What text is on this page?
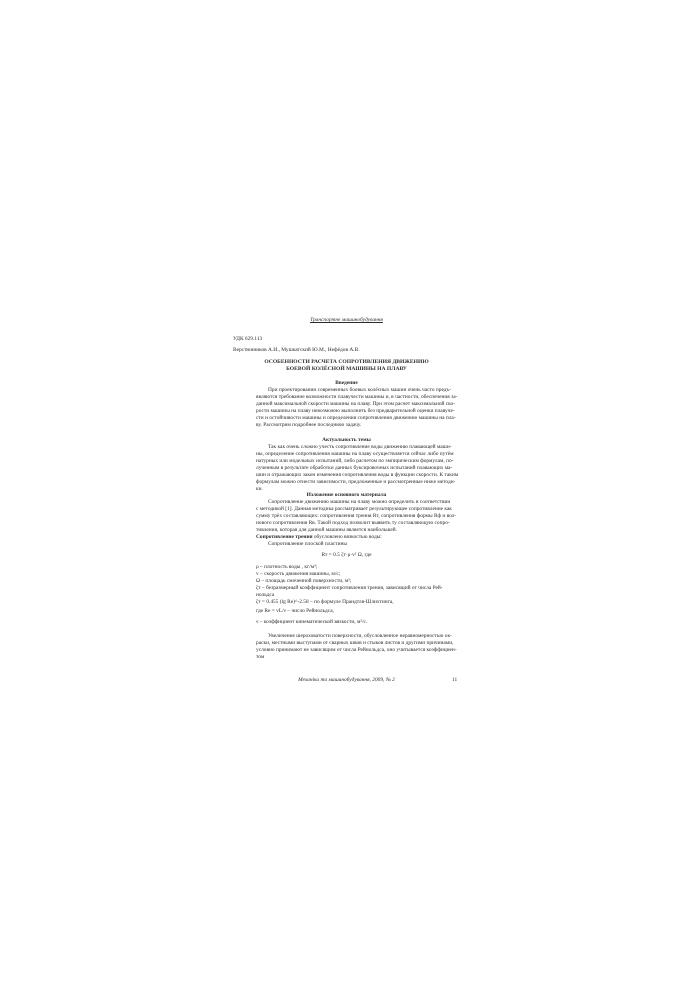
Транспортне машинобудування
УДК 629.113
Верстюнников А.И., Мушкатский Ю.М., Нефёдов А.В.
ОСОБЕННОСТИ РАСЧЕТА СОПРОТИВЛЕНИЯ ДВИЖЕНИЮ
БОЕВОЙ КОЛЁСНОЙ МАШИНЫ НА ПЛАВУ
Введение
При проектировании современных боевых колёсных машин очень часто предъ-
являются требование возможности плавучести машины и, в частности, обеспечения за-
данной максимальной скорости машины на плаву. При этом расчет максимальной ско-
рости машины на плаву невозможно выполнить без предварительной оценки плавуче-
сти и остойчивости машины и определения сопротивления движению машины на пла-
ву. Рассмотрим подробнее последнюю задачу.
Актуальность темы
Так как очень сложно учесть сопротивление воды движению плавающей маши-
ны, определение сопротивления машины на плаву осуществляется сейчас либо путём
натурных или модельных испытаний, либо расчетом по эмпирическим формулам, по-
лученным в результате обработки данных буксировочных испытаний плавающих ма-
шин и отражающих закон изменения сопротивления воды в функции скорости. К таким
формулам можно отнести зависимости, предложенные и рассмотренные ниже методи-
ки.
Изложение основного материала
Сопротивление движению машины на плаву можно определить в соответствии
с методикой [1]. Данная методика рассматривает результирующее сопротивление как
сумму трёх составляющих: сопротивления трения Rт, сопротивления формы Rф и вол-
нового сопротивления Rв. Такой подход позволит выявить ту составляющую сопро-
тивления, которая для данной машины является наибольшей.
Сопротивление трения обусловлено вязкостью воды:
Сопротивление плоской пластины
Rт = 0.5 ζт·ρ·v² Ω, где
ρ – плотность воды , кг/м³;
v – скорость движения машины, м/с;
Ω – площадь смоченной поверхности, м²;
ζт – безразмерный коэффициент сопротивления трения, зависящий от числа Рей-
нольдса
ζт = 0.455 (lg Re)^-2.58 – по формуле Прандтля-Шлихтинга,
где Re = vL/ν – число Рейнольдса,
ν – коэффициент кинематической вязкости, м²/с.
Увеличение шероховатости поверхности, обусловленное неравномерностью ок-
раски, местными выступами от сварных швов и стыков листов и другими причинами,
условно принимают не зависящим от числа Рейнольдса, оно учитывается коэффициен-
том
Механіка та машинобудування, 2009, № 2	11
